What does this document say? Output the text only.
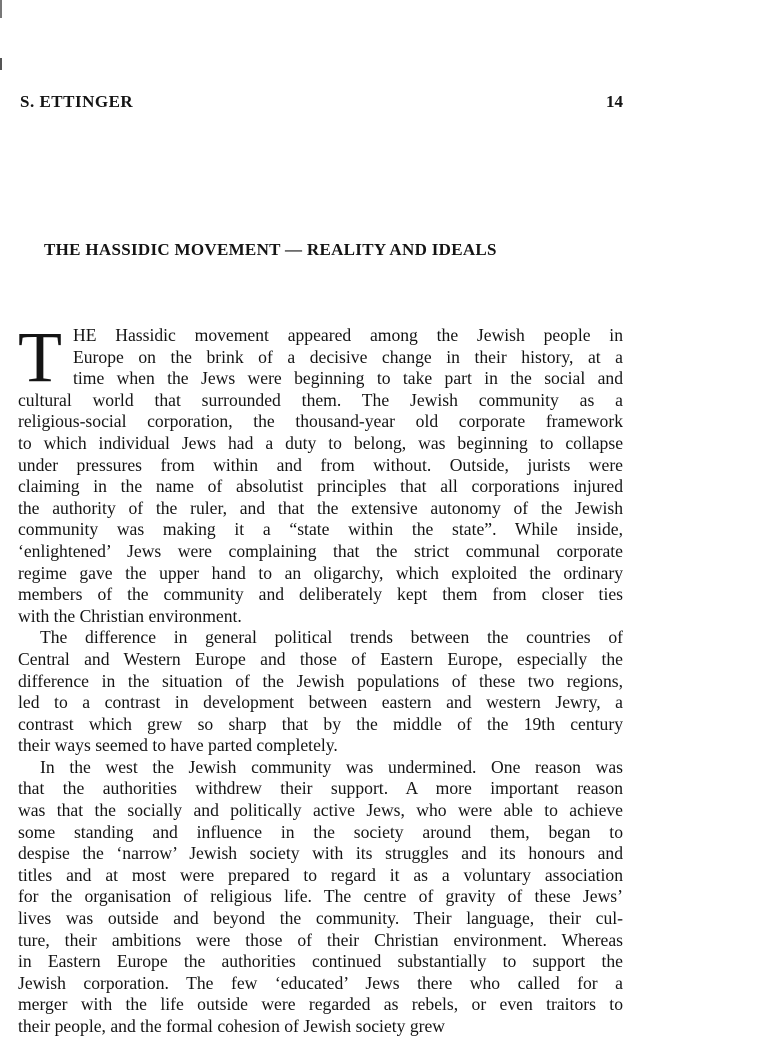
S. ETTINGER	14
THE HASSIDIC MOVEMENT — REALITY AND IDEALS
T HE Hassidic movement appeared among the Jewish people in
Europe on the brink of a decisive change in their history, at a
time when the Jews were beginning to take part in the social and
cultural world that surrounded them. The Jewish community as a
religious-social corporation, the thousand-year old corporate framework
to which individual Jews had a duty to belong, was beginning to collapse
under pressures from within and from without. Outside, jurists were
claiming in the name of absolutist principles that all corporations injured
the authority of the ruler, and that the extensive autonomy of the Jewish
community was making it a “state within the state”. While inside,
‘enlightened’ Jews were complaining that the strict communal corporate
regime gave the upper hand to an oligarchy, which exploited the ordinary
members of the community and deliberately kept them from closer ties
with the Christian environment.
The difference in general political trends between the countries of
Central and Western Europe and those of Eastern Europe, especially the
difference in the situation of the Jewish populations of these two regions,
led to a contrast in development between eastern and western Jewry, a
contrast which grew so sharp that by the middle of the 19th century
their ways seemed to have parted completely.
In the west the Jewish community was undermined. One reason was
that the authorities withdrew their support. A more important reason
was that the socially and politically active Jews, who were able to achieve
some standing and influence in the society around them, began to
despise the ‘narrow’ Jewish society with its struggles and its honours and
titles and at most were prepared to regard it as a voluntary association
for the organisation of religious life. The centre of gravity of these Jews’
lives was outside and beyond the community. Their language, their cul-
ture, their ambitions were those of their Christian environment. Whereas
in Eastern Europe the authorities continued substantially to support the
Jewish corporation. The few ‘educated’ Jews there who called for a
merger with the life outside were regarded as rebels, or even traitors to
their people, and the formal cohesion of Jewish society grew
